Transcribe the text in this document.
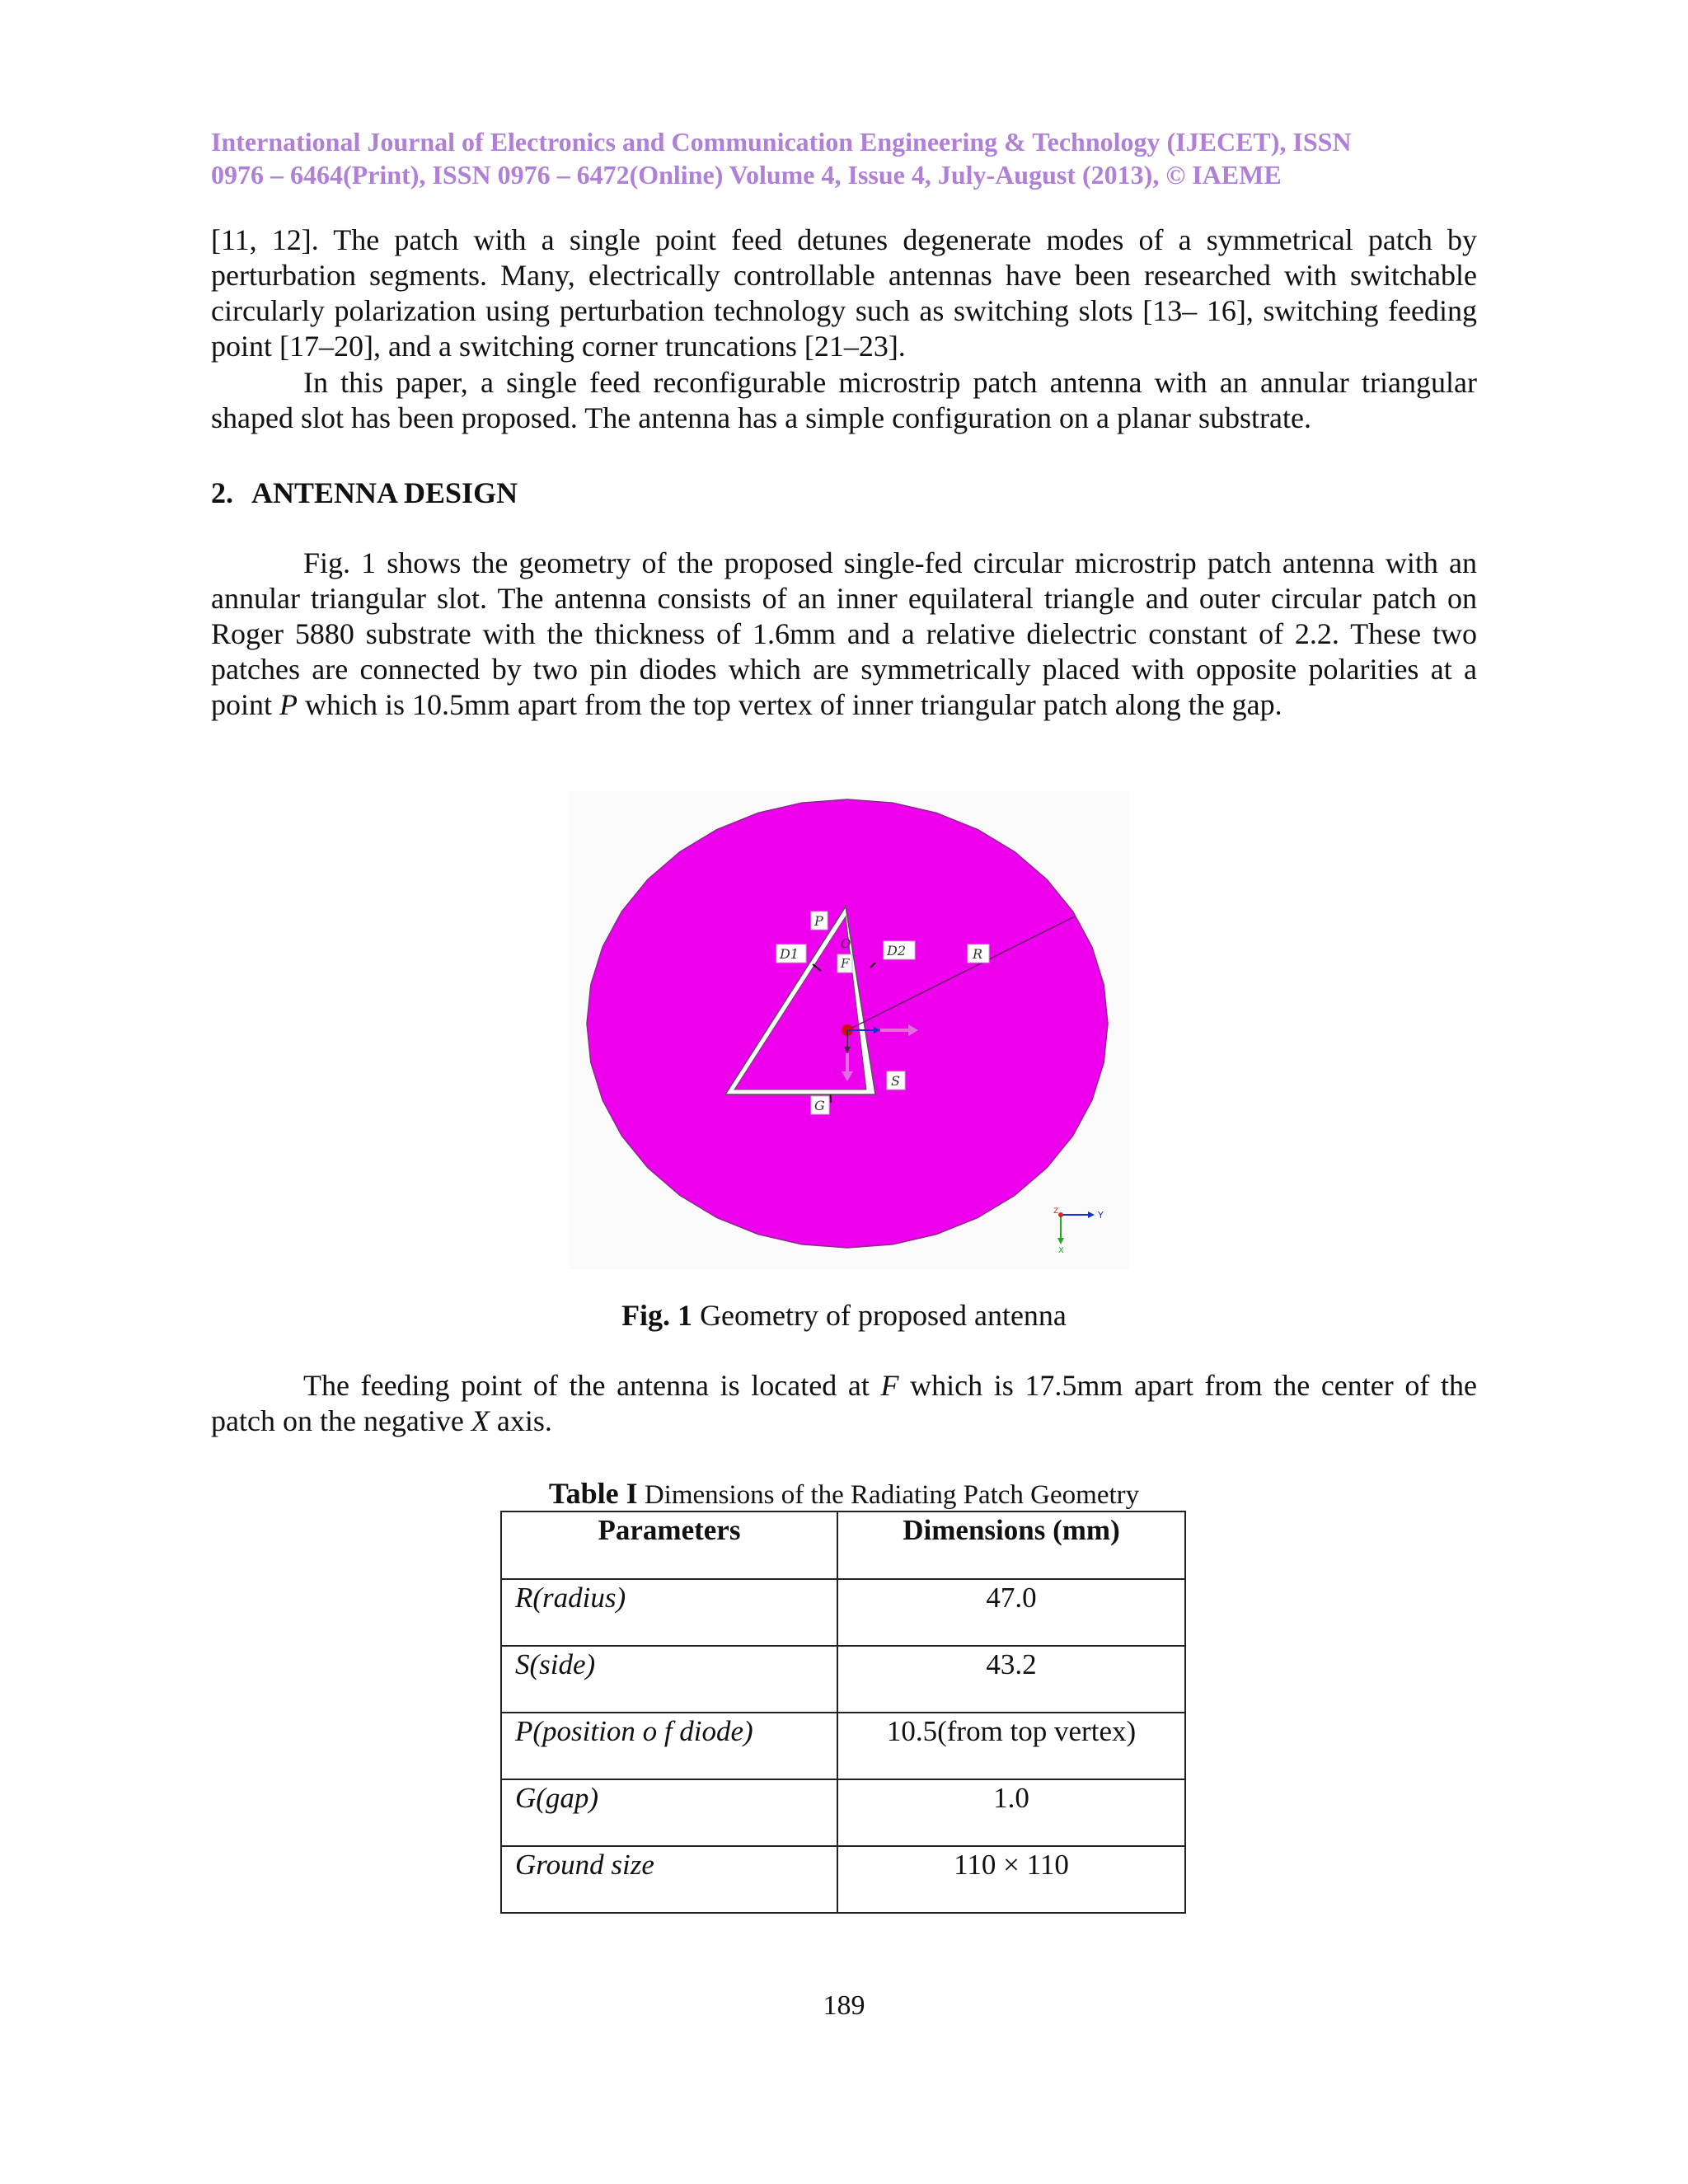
International Journal of Electronics and Communication Engineering & Technology (IJECET), ISSN
0976 – 6464(Print), ISSN 0976 – 6472(Online) Volume 4, Issue 4, July-August (2013), © IAEME

[11, 12]. The patch with a single point feed detunes degenerate modes of a symmetrical patch by perturbation segments. Many, electrically controllable antennas have been researched with switchable circularly polarization using perturbation technology such as switching slots [13– 16], switching feeding point [17–20], and a switching corner truncations [21–23].

In this paper, a single feed reconfigurable microstrip patch antenna with an annular triangular shaped slot has been proposed. The antenna has a simple configuration on a planar substrate.

2. ANTENNA DESIGN

Fig. 1 shows the geometry of the proposed single-fed circular microstrip patch antenna with an annular triangular slot. The antenna consists of an inner equilateral triangle and outer circular patch on Roger 5880 substrate with the thickness of 1.6mm and a relative dielectric constant of 2.2. These two patches are connected by two pin diodes which are symmetrically placed with opposite polarities at a point P which is 10.5mm apart from the top vertex of inner triangular patch along the gap.

P
D1	D2
O
F
R
S
G
Y
X
Z
Fig. 1 Geometry of proposed antenna

The feeding point of the antenna is located at F which is 17.5mm apart from the center of the patch on the negative X axis.

Table I Dimensions of the Radiating Patch Geometry
Parameters	Dimensions (mm)
R(radius)	47.0
S(side)	43.2
P(position o f diode)	10.5(from top vertex)
G(gap)	1.0
Ground size	110 × 110
189
